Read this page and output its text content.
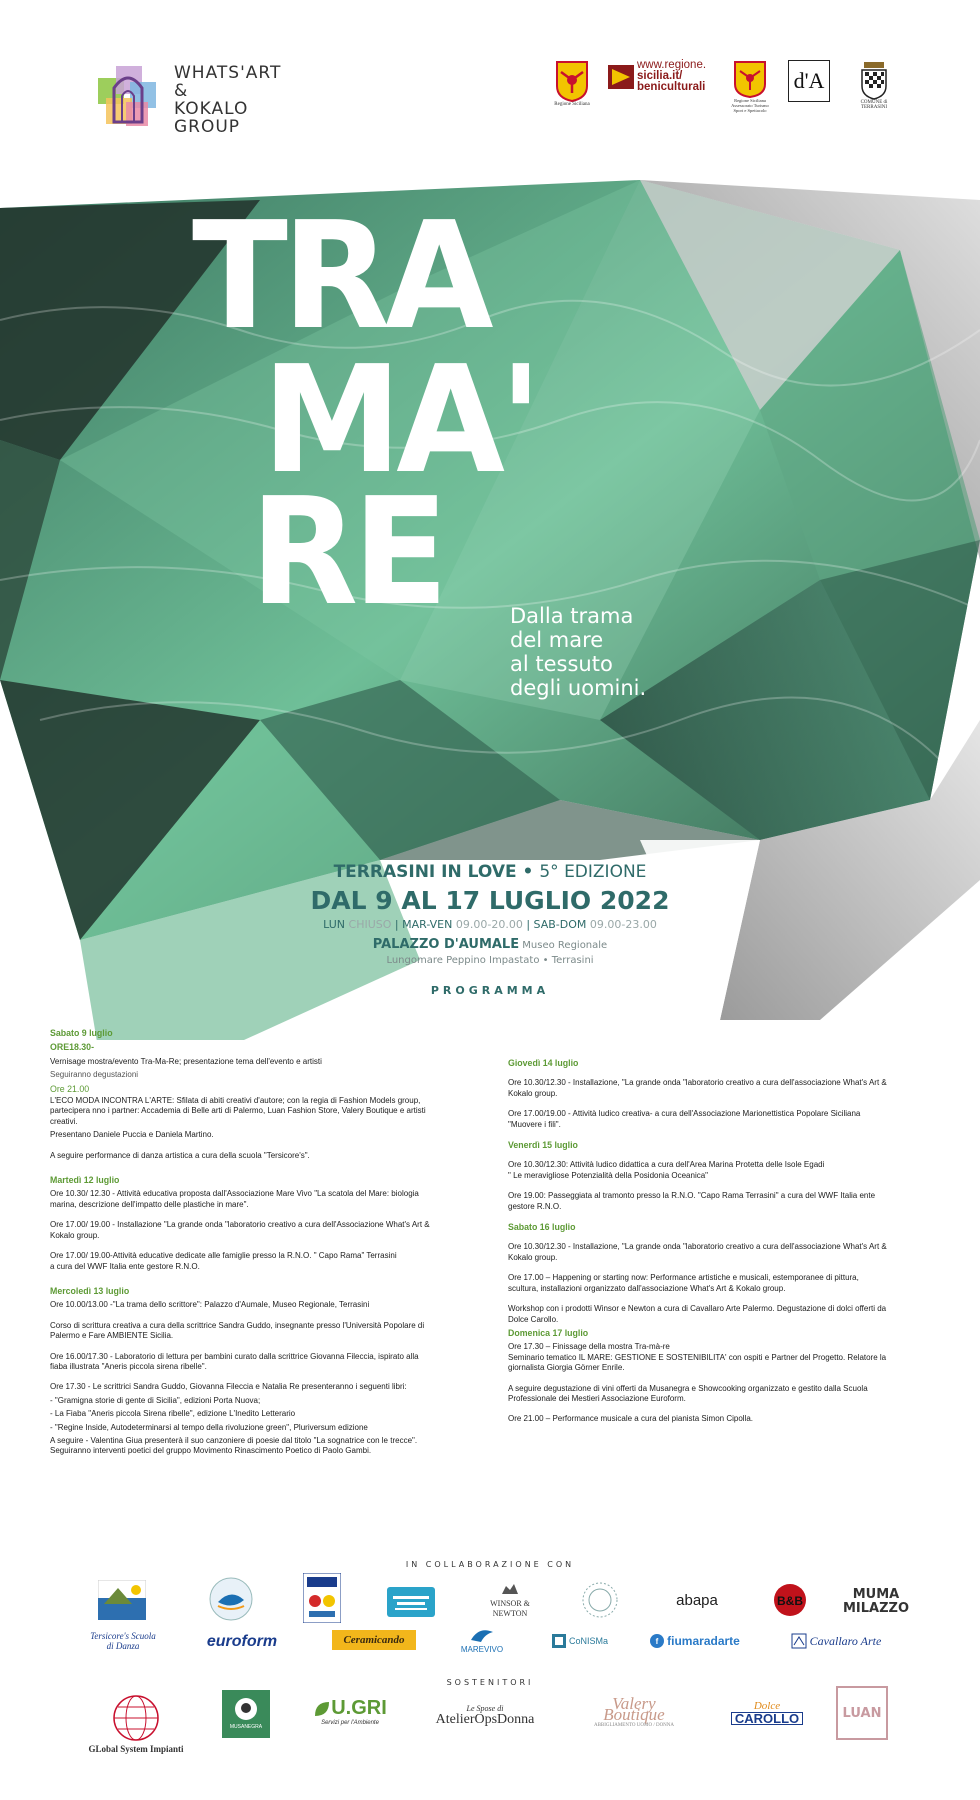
WHATS'ART &
KOKALO
GROUP
Regione Siciliana
www.regione.
sicilia.it/
beniculturali
Regione Siciliana Assessorato Turismo Sport e Spettacolo
d'A
COMUNE di TERRASINI
TRA
MA'
RE	Dalla trama
del mare
al tessuto
degli uomini.
TERRASINI IN LOVE • 5° EDIZIONE
DAL 9 AL 17 LUGLIO 2022
LUN CHIUSO | MAR-VEN 09.00-20.00 | SAB-DOM 09.00-23.00
PALAZZO D'AUMALE Museo Regionale
Lungomare Peppino Impastato • Terrasini
PROGRAMMA
Sabato 9 luglio
ORE18.30-

Vernisage mostra/evento Tra-Ma-Re; presentazione tema dell'evento e artisti

Seguiranno degustazioni

Ore 21.00

L'ECO MODA INCONTRA L'ARTE: Sfilata di abiti creativi d'autore; con la regia di Fashion Models group,
partecipera nno i partner: Accademia di Belle arti di Palermo, Luan Fashion Store, Valery Boutique e artisti
creativi.

Presentano Daniele Puccia e Daniela Martino.

A seguire performance di danza artistica a cura della scuola "Tersicore's".

Martedì 12 luglio

Ore 10.30/ 12.30 - Attività educativa proposta dall'Associazione Mare Vivo "La scatola del Mare: biologia
marina, descrizione dell'impatto delle plastiche in mare".

Ore 17.00/ 19.00 - Installazione "La grande onda "laboratorio creativo a cura dell'Associazione What's Art &
Kokalo group.

Ore 17.00/ 19.00-Attività educative dedicate alle famiglie presso la R.N.O. " Capo Rama" Terrasini
a cura del WWF Italia ente gestore R.N.O.

Mercoledì 13 luglio

Ore 10.00/13.00 -"La trama dello scrittore": Palazzo d'Aumale, Museo Regionale, Terrasini

Corso di scrittura creativa a cura della scrittrice Sandra Guddo, insegnante presso l'Università Popolare di
Palermo e Fare AMBIENTE Sicilia.

Ore 16.00/17.30 - Laboratorio di lettura per bambini curato dalla scrittrice Giovanna Fileccia, ispirato alla
fiaba illustrata "Aneris piccola sirena ribelle".

Ore 17.30 - Le scrittrici Sandra Guddo, Giovanna Fileccia e Natalia Re presenteranno i seguenti libri:

- "Gramigna storie di gente di Sicilia", edizioni Porta Nuova;

- La Fiaba "Aneris piccola Sirena ribelle", edizione L'Inedito Letterario

- "Regine Inside, Autodeterminarsi al tempo della rivoluzione green", Pluriversum edizione

A seguire - Valentina Giua presenterà il suo canzoniere di poesie dal titolo "La sognatrice con le trecce".
Seguiranno interventi poetici del gruppo Movimento Rinascimento Poetico di Paolo Gambi.

Giovedì 14 luglio

Ore 10.30/12.30 - Installazione, "La grande onda "laboratorio creativo a cura dell'associazione What's Art &
Kokalo group.

Ore 17.00/19.00 - Attività ludico creativa- a cura dell'Associazione Marionettistica Popolare Siciliana
"Muovere i fili".

Venerdì 15 luglio

Ore 10.30/12.30: Attività ludico didattica a cura dell'Area Marina Protetta delle Isole Egadi
" Le meravigliose Potenzialità della Posidonia Oceanica"

Ore 19.00: Passeggiata al tramonto presso la R.N.O. "Capo Rama Terrasini" a cura del WWF Italia ente
gestore R.N.O.

Sabato 16 luglio

Ore 10.30/12.30 - Installazione, "La grande onda "laboratorio creativo a cura dell'associazione What's Art &
Kokalo group.

Ore 17.00 – Happening or starting now: Performance artistiche e musicali, estemporanee di pittura,
scultura, installazioni organizzato dall'associazione What's Art & Kokalo group.

Workshop con i prodotti Winsor e Newton a cura di Cavallaro Arte Palermo. Degustazione di dolci offerti da
Dolce Carollo.

Domenica 17 luglio

Ore 17.30 – Finissage della mostra Tra-mà-re
Seminario tematico IL MARE: GESTIONE E SOSTENIBILITA' con ospiti e Partner del Progetto. Relatore la
giornalista Giorgia Görner Enrile.

A seguire degustazione di vini offerti da Musanegra e Showcooking organizzato e gestito dalla Scuola
Professionale dei Mestieri Associazione Euroform.

Ore 21.00 – Performance musicale a cura del pianista Simon Cipolla.

IN COLLABORAZIONE CON

WINSOR & NEWTON
abapa	B&B	MUMA MILAZZO
Tersicore's Scuola di Danza	euroform	Ceramicando
MAREVIVO
CoNISMa	f fiumaradarte	Cavallaro Arte
SOSTENITORI
GLobal System Impianti
MUSANEGRA
U.GRI
Servizi per l'Ambiente
Le Spose di
AtelierOpsDonna
Valery Boutique
ABBIGLIAMENTO UOMO / DONNA
Dolce
CAROLLO	LUAN
